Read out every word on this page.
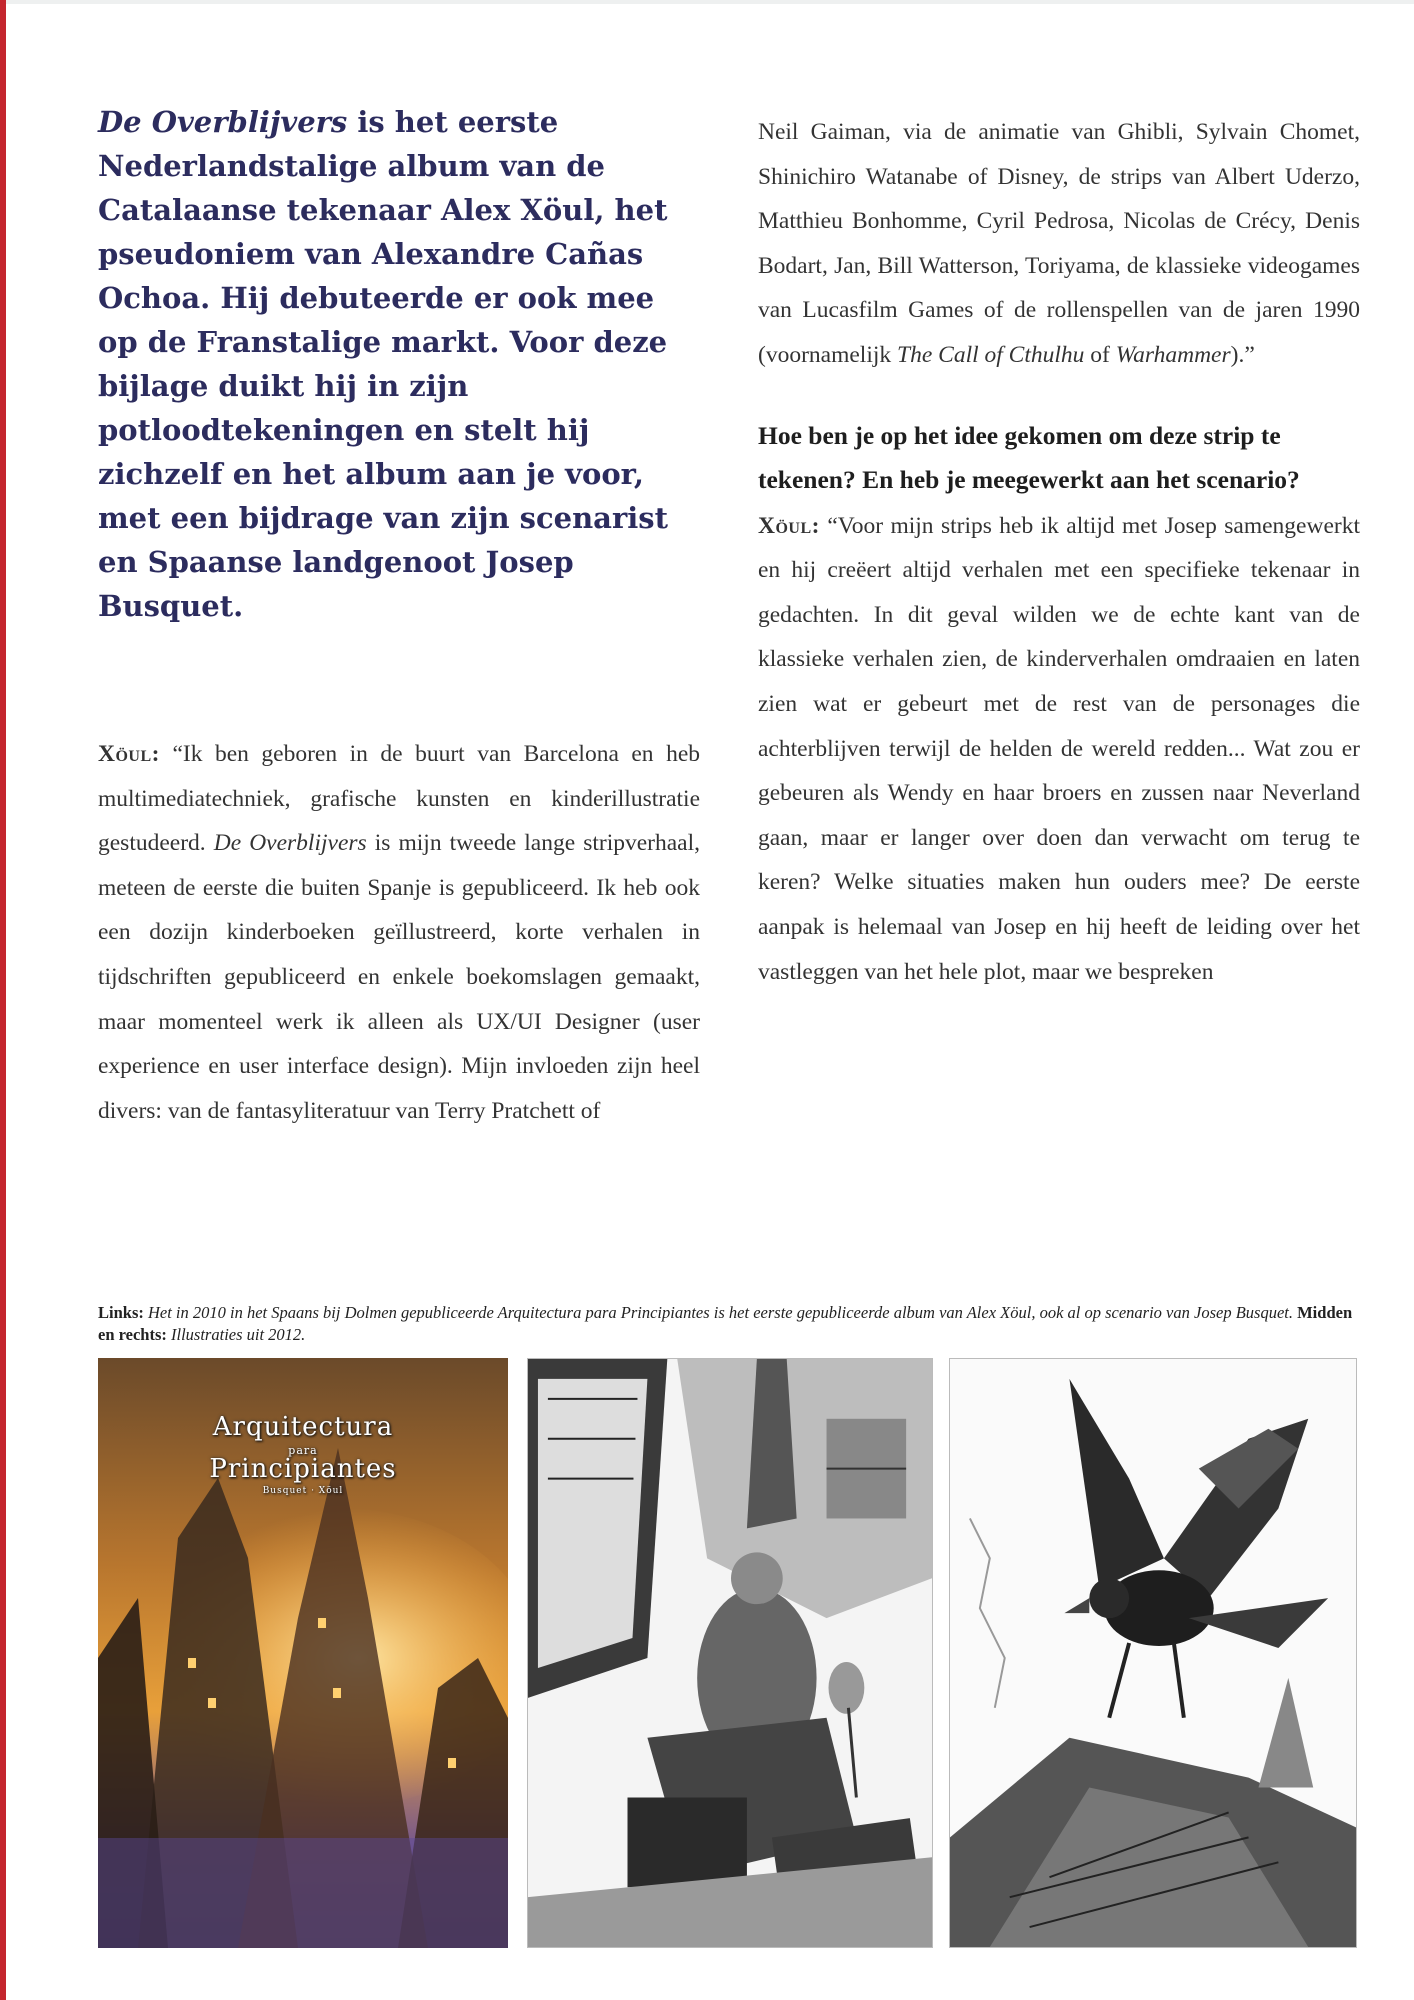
De Overblijvers is het eerste Nederlandstalige album van de Catalaanse tekenaar Alex Xöul, het pseudoniem van Alexandre Cañas Ochoa. Hij debuteerde er ook mee op de Franstalige markt. Voor deze bijlage duikt hij in zijn potloodtekeningen en stelt hij zichzelf en het album aan je voor, met een bijdrage van zijn scenarist en Spaanse landgenoot Josep Busquet.

Xöul: “Ik ben geboren in de buurt van Barcelona en heb multimediatechniek, grafische kunsten en kinderillustratie gestudeerd. De Overblijvers is mijn tweede lange stripverhaal, meteen de eerste die buiten Spanje is gepubliceerd. Ik heb ook een dozijn kinderboeken geïllustreerd, korte verhalen in tijdschriften gepubliceerd en enkele boekomslagen gemaakt, maar momenteel werk ik alleen als UX/UI Designer (user experience en user interface design). Mijn invloeden zijn heel divers: van de fantasyliteratuur van Terry Pratchett of

Neil Gaiman, via de animatie van Ghibli, Sylvain Chomet, Shinichiro Watanabe of Disney, de strips van Albert Uderzo, Matthieu Bonhomme, Cyril Pedrosa, Nicolas de Crécy, Denis Bodart, Jan, Bill Watterson, Toriyama, de klassieke videogames van Lucasfilm Games of de rollenspellen van de jaren 1990 (voornamelijk The Call of Cthulhu of Warhammer).”

Hoe ben je op het idee gekomen om deze strip te tekenen? En heb je meegewerkt aan het scenario?

Xöul: “Voor mijn strips heb ik altijd met Josep samengewerkt en hij creëert altijd verhalen met een specifieke tekenaar in gedachten. In dit geval wilden we de echte kant van de klassieke verhalen zien, de kinderverhalen omdraaien en laten zien wat er gebeurt met de rest van de personages die achterblijven terwijl de helden de wereld redden... Wat zou er gebeuren als Wendy en haar broers en zussen naar Neverland gaan, maar er langer over doen dan verwacht om terug te keren? Welke situaties maken hun ouders mee? De eerste aanpak is helemaal van Josep en hij heeft de leiding over het vastleggen van het hele plot, maar we bespreken

Links: Het in 2010 in het Spaans bij Dolmen gepubliceerde Arquitectura para Principiantes is het eerste gepubliceerde album van Alex Xöul, ook al op scenario van Josep Busquet. Midden en rechts: Illustraties uit 2012.

Arquitectura
para
Principiantes
Busquet · Xöul
